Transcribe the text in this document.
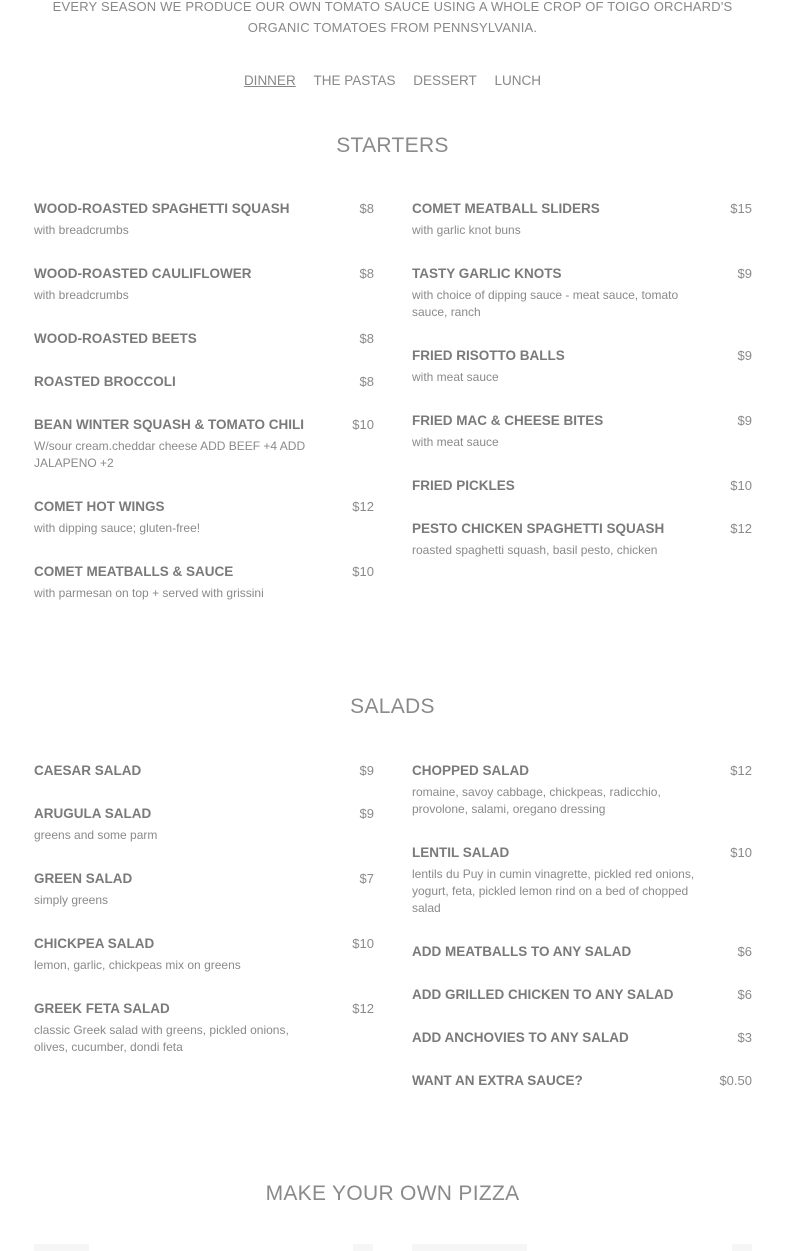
EVERY SEASON WE PRODUCE OUR OWN TOMATO SAUCE USING A WHOLE CROP OF TOIGO ORCHARD'S ORGANIC TOMATOES FROM PENNSYLVANIA.

DINNER THE PASTAS DESSERT LUNCH
STARTERS
WOOD-ROASTED SPAGHETTI SQUASH	$8
with breadcrumbs
WOOD-ROASTED CAULIFLOWER	$8
with breadcrumbs
WOOD-ROASTED BEETS	$8
ROASTED BROCCOLI	$8
BEAN WINTER SQUASH & TOMATO CHILI	$10
W/sour cream.cheddar cheese ADD BEEF +4 ADD JALAPENO +2
COMET HOT WINGS	$12
with dipping sauce; gluten-free!
COMET MEATBALLS & SAUCE	$10
with parmesan on top + served with grissini
COMET MEATBALL SLIDERS	$15
with garlic knot buns
TASTY GARLIC KNOTS	$9
with choice of dipping sauce - meat sauce, tomato sauce, ranch
FRIED RISOTTO BALLS	$9
with meat sauce
FRIED MAC & CHEESE BITES	$9
with meat sauce
FRIED PICKLES	$10
PESTO CHICKEN SPAGHETTI SQUASH	$12
roasted spaghetti squash, basil pesto, chicken
SALADS
CAESAR SALAD	$9
ARUGULA SALAD	$9
greens and some parm
GREEN SALAD	$7
simply greens
CHICKPEA SALAD	$10
lemon, garlic, chickpeas mix on greens
GREEK FETA SALAD	$12
classic Greek salad with greens, pickled onions, olives, cucumber, dondi feta
CHOPPED SALAD	$12
romaine, savoy cabbage, chickpeas, radicchio, provolone, salami, oregano dressing
LENTIL SALAD	$10
lentils du Puy in cumin vinagrette, pickled red onions, yogurt, feta, pickled lemon rind on a bed of chopped salad
ADD MEATBALLS TO ANY SALAD	$6
ADD GRILLED CHICKEN TO ANY SALAD	$6
ADD ANCHOVIES TO ANY SALAD	$3
WANT AN EXTRA SAUCE?	$0.50
MAKE YOUR OWN PIZZA
